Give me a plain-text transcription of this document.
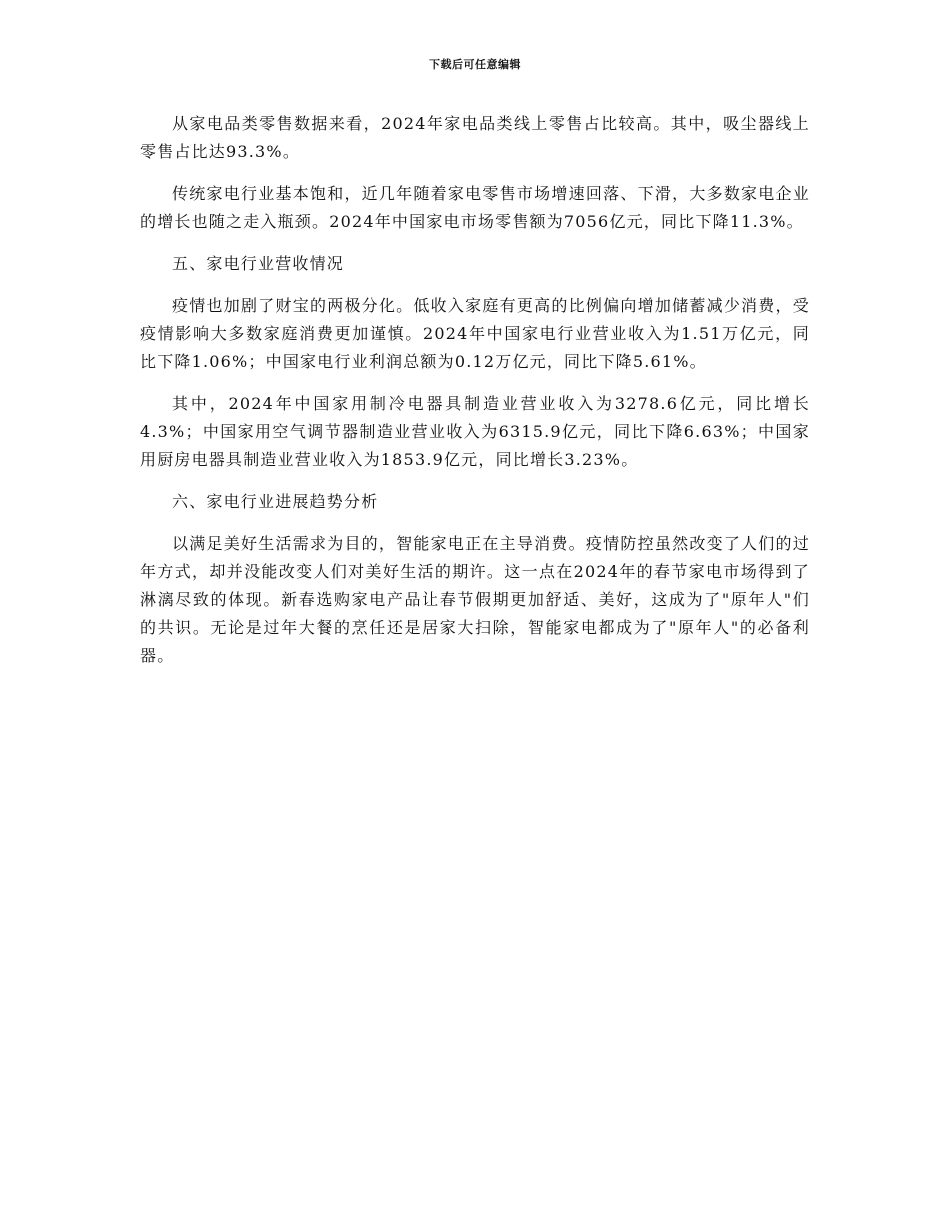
下载后可任意编辑

从家电品类零售数据来看，2024年家电品类线上零售占比较高。其中，吸尘器线上零售占比达93.3%。

传统家电行业基本饱和，近几年随着家电零售市场增速回落、下滑，大多数家电企业的增长也随之走入瓶颈。2024年中国家电市场零售额为7056亿元，同比下降11.3%。

五、家电行业营收情况

疫情也加剧了财宝的两极分化。低收入家庭有更高的比例偏向增加储蓄减少消费，受疫情影响大多数家庭消费更加谨慎。2024年中国家电行业营业收入为1.51万亿元，同比下降1.06%；中国家电行业利润总额为0.12万亿元，同比下降5.61%。

其中，2024年中国家用制冷电器具制造业营业收入为3278.6亿元，同比增长4.3%；中国家用空气调节器制造业营业收入为6315.9亿元，同比下降6.63%；中国家用厨房电器具制造业营业收入为1853.9亿元，同比增长3.23%。

六、家电行业进展趋势分析

以满足美好生活需求为目的，智能家电正在主导消费。疫情防控虽然改变了人们的过年方式，却并没能改变人们对美好生活的期许。这一点在2024年的春节家电市场得到了淋漓尽致的体现。新春选购家电产品让春节假期更加舒适、美好，这成为了"原年人"们的共识。无论是过年大餐的烹任还是居家大扫除，智能家电都成为了"原年人"的必备利器。
